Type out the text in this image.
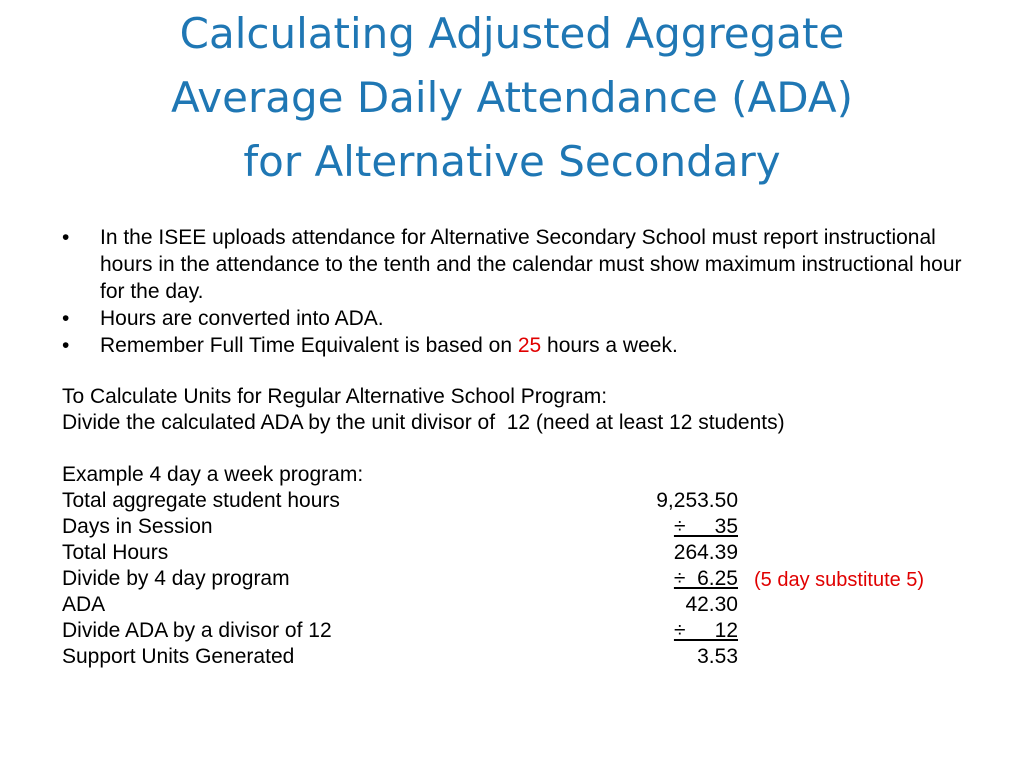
Calculating Adjusted Aggregate
Average Daily Attendance (ADA)
for Alternative Secondary
• In the ISEE uploads attendance for Alternative Secondary School must report instructional hours in the attendance to the tenth and the calendar must show maximum instructional hour for the day.
• Hours are converted into ADA.
• Remember Full Time Equivalent is based on 25 hours a week.
To Calculate Units for Regular Alternative School Program:
Divide the calculated ADA by the unit divisor of  12 (need at least 12 students)
Example 4 day a week program:
Total aggregate student hours	9,253.50
Days in Session	÷     35
Total Hours	264.39
Divide by 4 day program	÷  6.25 (5 day substitute 5)
ADA	42.30
Divide ADA by a divisor of 12	÷     12
Support Units Generated	3.53
